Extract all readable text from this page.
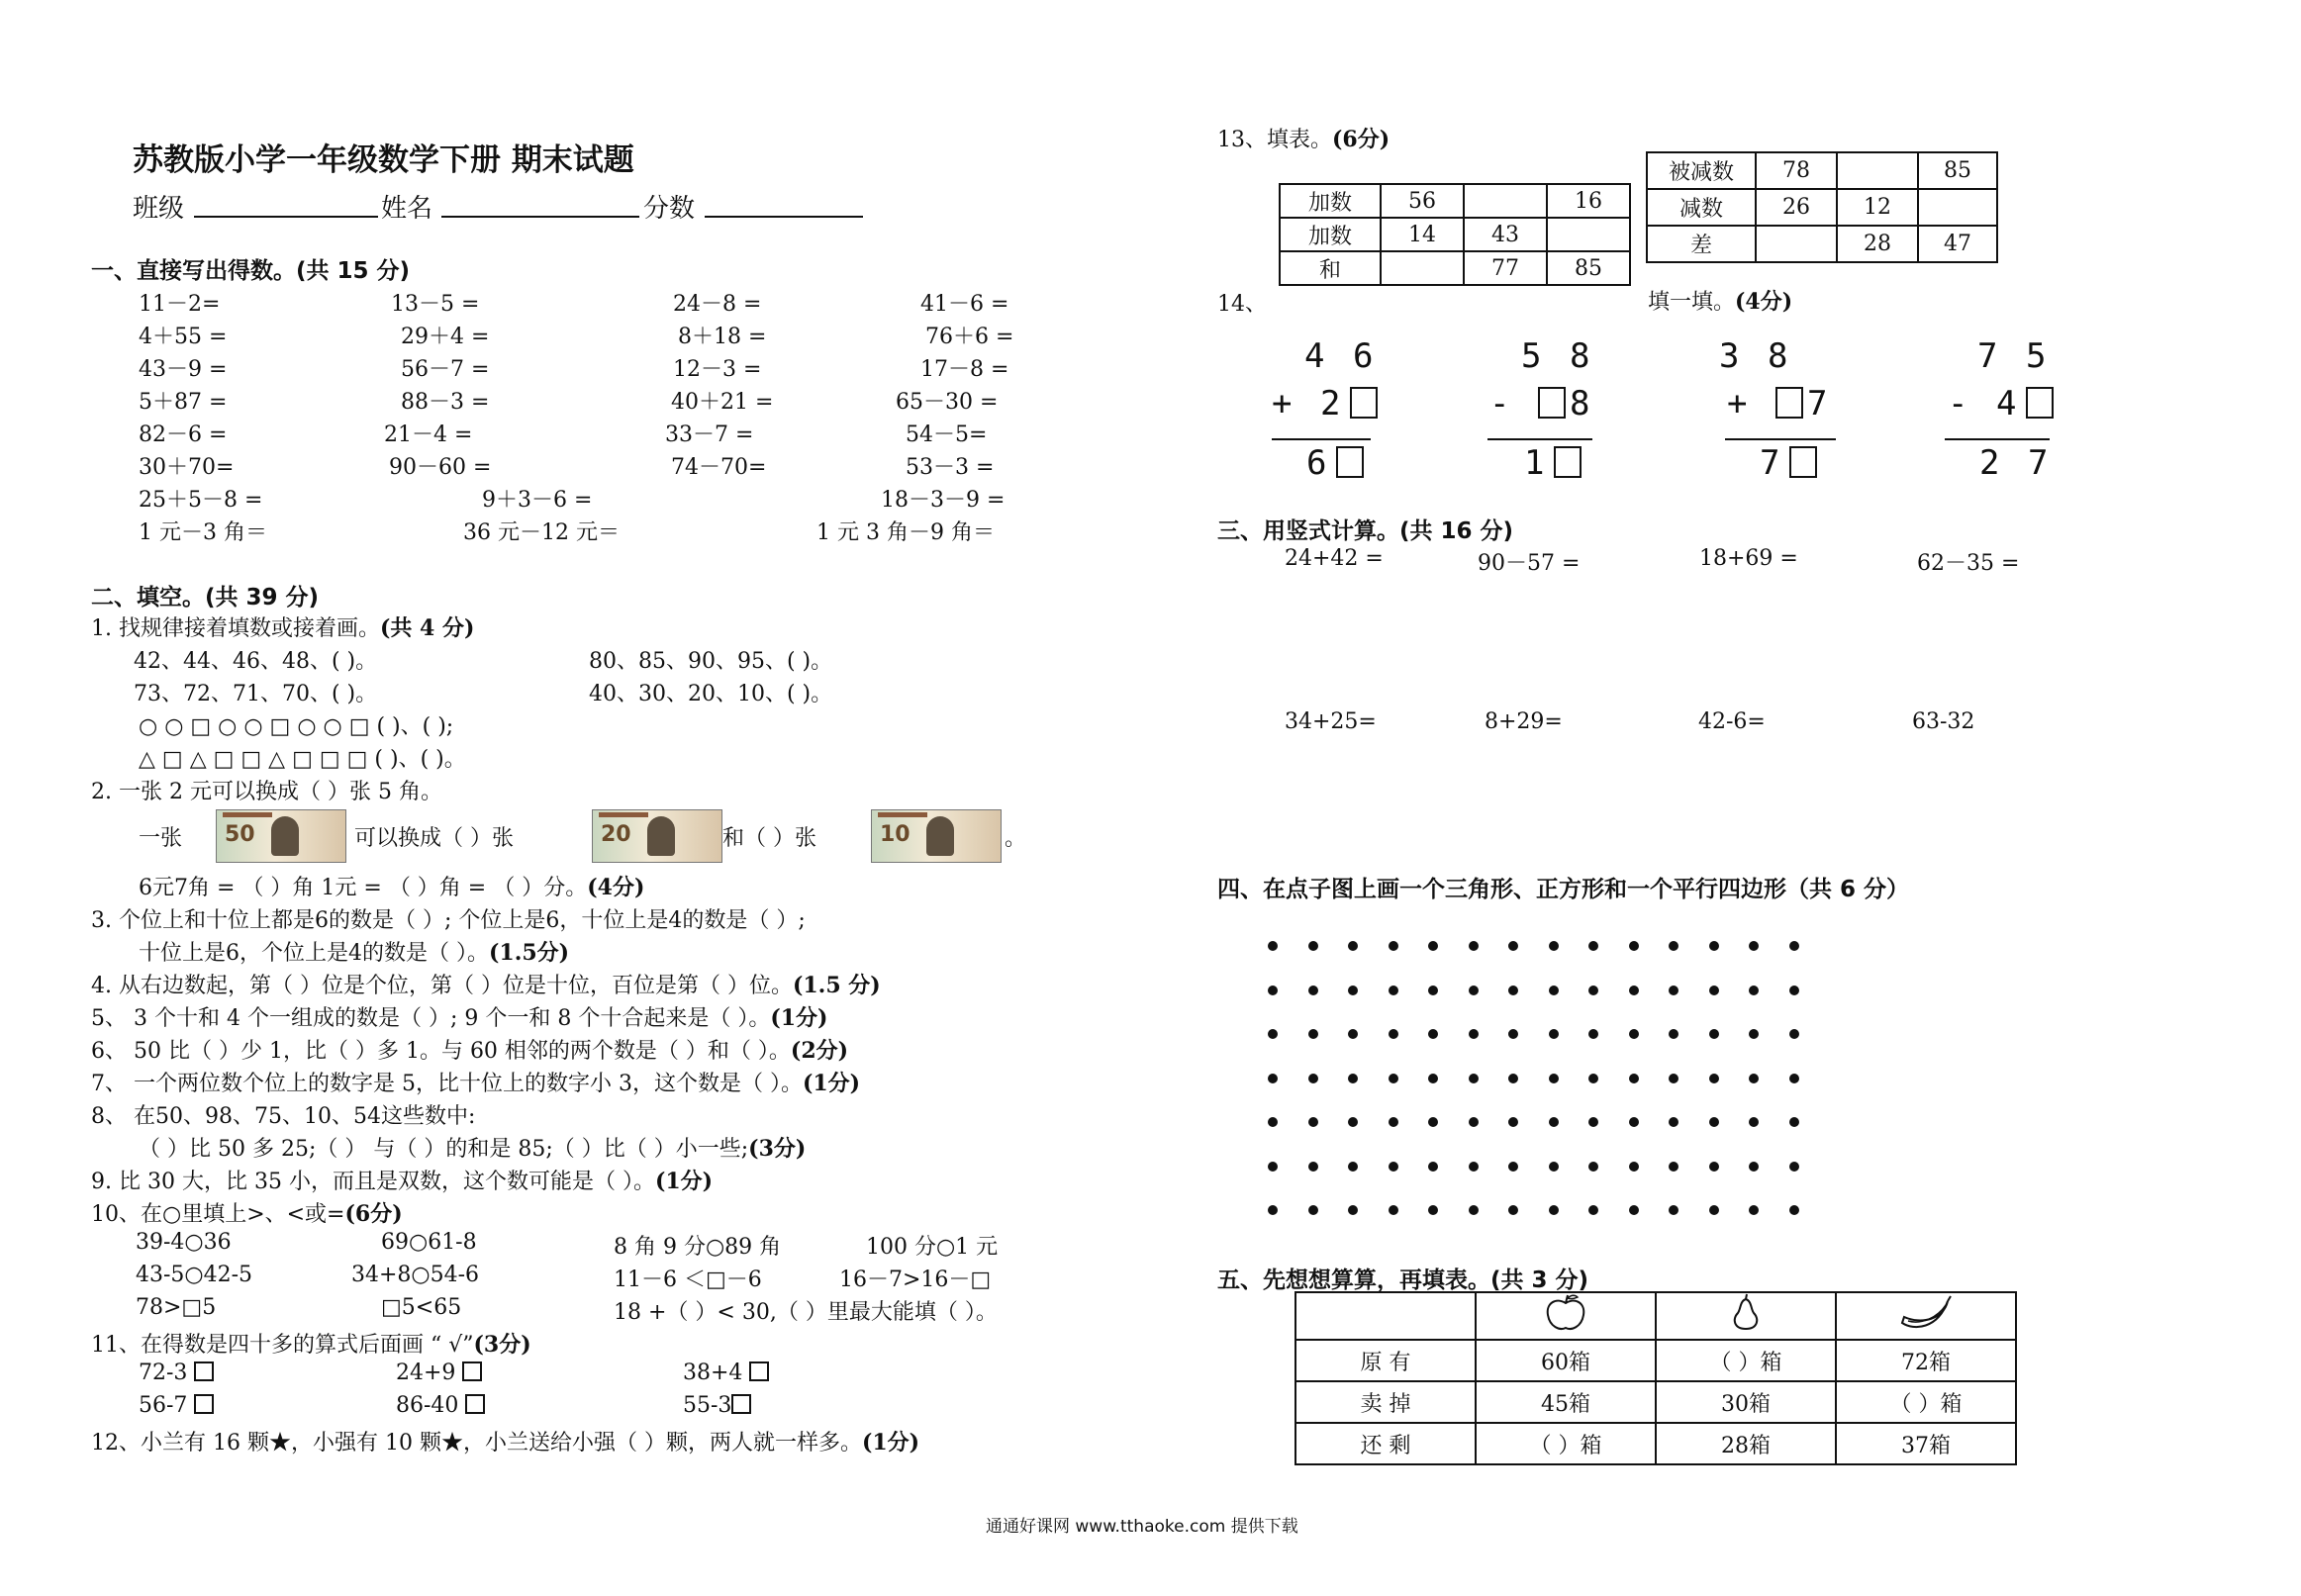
苏教版小学一年级数学下册 期末试题
班级	姓名	分数
一、直接写出得数。(共 15 分)
11－2=	13－5 =	24－8 =	41－6 =
4＋55 =	29＋4 =	8＋18 =	76＋6 =
43－9 =	56－7 =	12－3 =	17－8 =
5＋87 =	88－3 =	40＋21 =	65－30 =
82－6 =	21－4 =	33－7 =	54－5=
30＋70=	90－60 =	74－70=	53－3 =
25＋5－8 =	9＋3－6 =	18－3－9 =
1 元－3 角＝	36 元－12 元＝	1 元 3 角－9 角＝
二、填空。(共 39 分)
1. 找规律接着填数或接着画。(共 4 分)
42、44、46、48、( )。	80、85、90、95、( )。
73、72、71、70、( )。	40、30、20、10、( )。
○ ○ □ ○ ○ □ ○ ○ □ ( )、( );
△ □ △ □ □ △ □ □ □ ( )、( )。
2. 一张 2 元可以换成（ ）张 5 角。
一张 50	可以换成（ ）张	20	和（ ）张	10	。
6元7角 = （ ）角 1元 = （ ）角 = （ ）分。(4分)
3. 个位上和十位上都是6的数是（ ）; 个位上是6，十位上是4的数是（ ）;
十位上是6，个位上是4的数是（ ）。(1.5分)
4. 从右边数起，第（ ）位是个位，第（ ）位是十位，百位是第（ ）位。(1.5 分)
5、 3 个十和 4 个一组成的数是（ ）; 9 个一和 8 个十合起来是（ ）。(1分)
6、 50 比（ ）少 1，比（ ）多 1。与 60 相邻的两个数是（ ）和（ ）。(2分)
7、 一个两位数个位上的数字是 5，比十位上的数字小 3，这个数是（ ）。(1分)
8、 在50、98、75、10、54这些数中:
（ ）比 50 多 25;（ ） 与（ ）的和是 85;（ ）比（ ）小一些;(3分)
9. 比 30 大，比 35 小，而且是双数，这个数可能是（ ）。(1分)
10、在○里填上>、<或=(6分)
39-4○36	69○61-8	8 角 9 分○89 角	100 分○1 元
43-5○42-5	34+8○54-6	11－6 ＜□－6	16－7>16－□
78>□5	□5<65	18 +（ ）< 30,（ ）里最大能填（ ）。
11、在得数是四十多的算式后面画 “ √”(3分)
72-3	24+9	38+4
56-7	86-40	55-3
12、小兰有 16 颗★，小强有 10 颗★，小兰送给小强（ ）颗，两人就一样多。(1分)
13、填表。(6分)
加数	56		16
加数	14	43	
和		77	85
被减数	78		85
减数	26	12	
差		28	47
14、	填一填。(4分)
4 6
+ 2
6
5 8
- 8
1
3 8
+ 7
7
7 5
- 4
2 7
三、用竖式计算。(共 16 分)
24+42 =	90－57 =	18+69 =	62－35 =
34+25=	8+29=	42-6=	63-32
四、在点子图上画一个三角形、正方形和一个平行四边形（共 6 分）
五、先想想算算，再填表。(共 3 分)

原 有	60箱	（ ）箱	72箱
卖 掉	45箱	30箱	（ ）箱
还 剩	（ ）箱	28箱	37箱
通通好课网 www.tthaoke.com 提供下载
